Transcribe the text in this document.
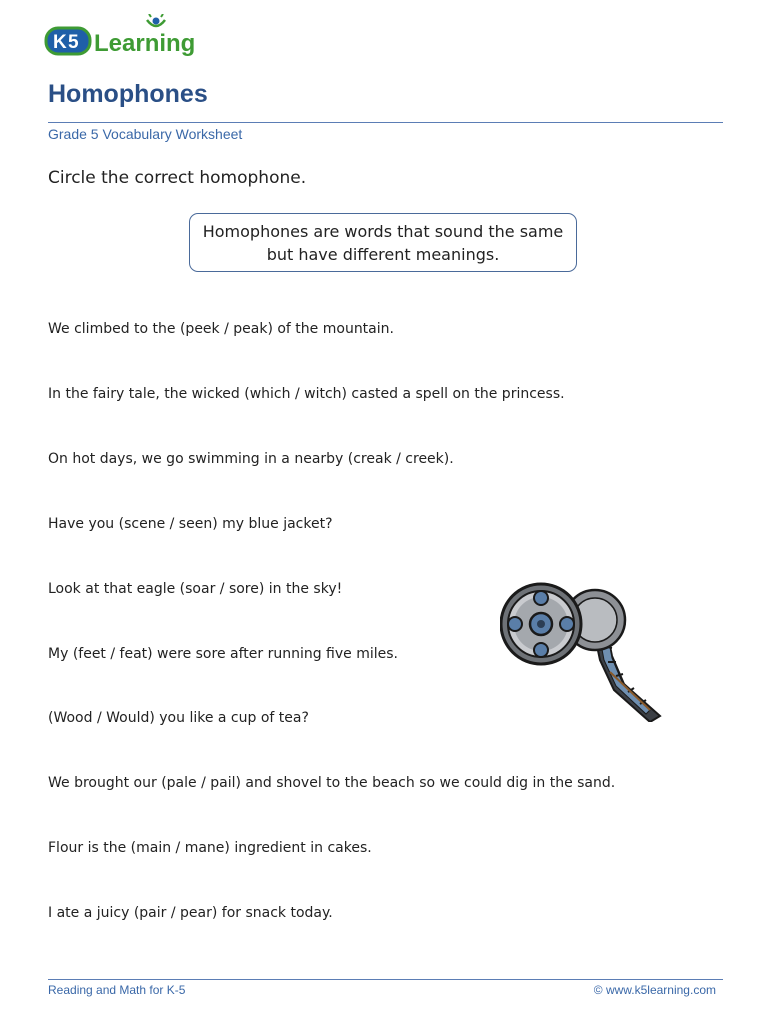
K 5 Learning
Homophones
Grade 5 Vocabulary Worksheet
Circle the correct homophone.
Homophones are words that sound the same but have different meanings.
We climbed to the (peek / peak) of the mountain.
In the fairy tale, the wicked (which / witch) casted a spell on the princess.
On hot days, we go swimming in a nearby (creak / creek).
Have you (scene / seen) my blue jacket?
Look at that eagle (soar / sore) in the sky!
My (feet / feat) were sore after running five miles.
(Wood / Would) you like a cup of tea?
We brought our (pale / pail) and shovel to the beach so we could dig in the sand.
Flour is the (main / mane) ingredient in cakes.
I ate a juicy (pair / pear) for snack today.
Reading and Math for K-5	© www.k5learning.com
